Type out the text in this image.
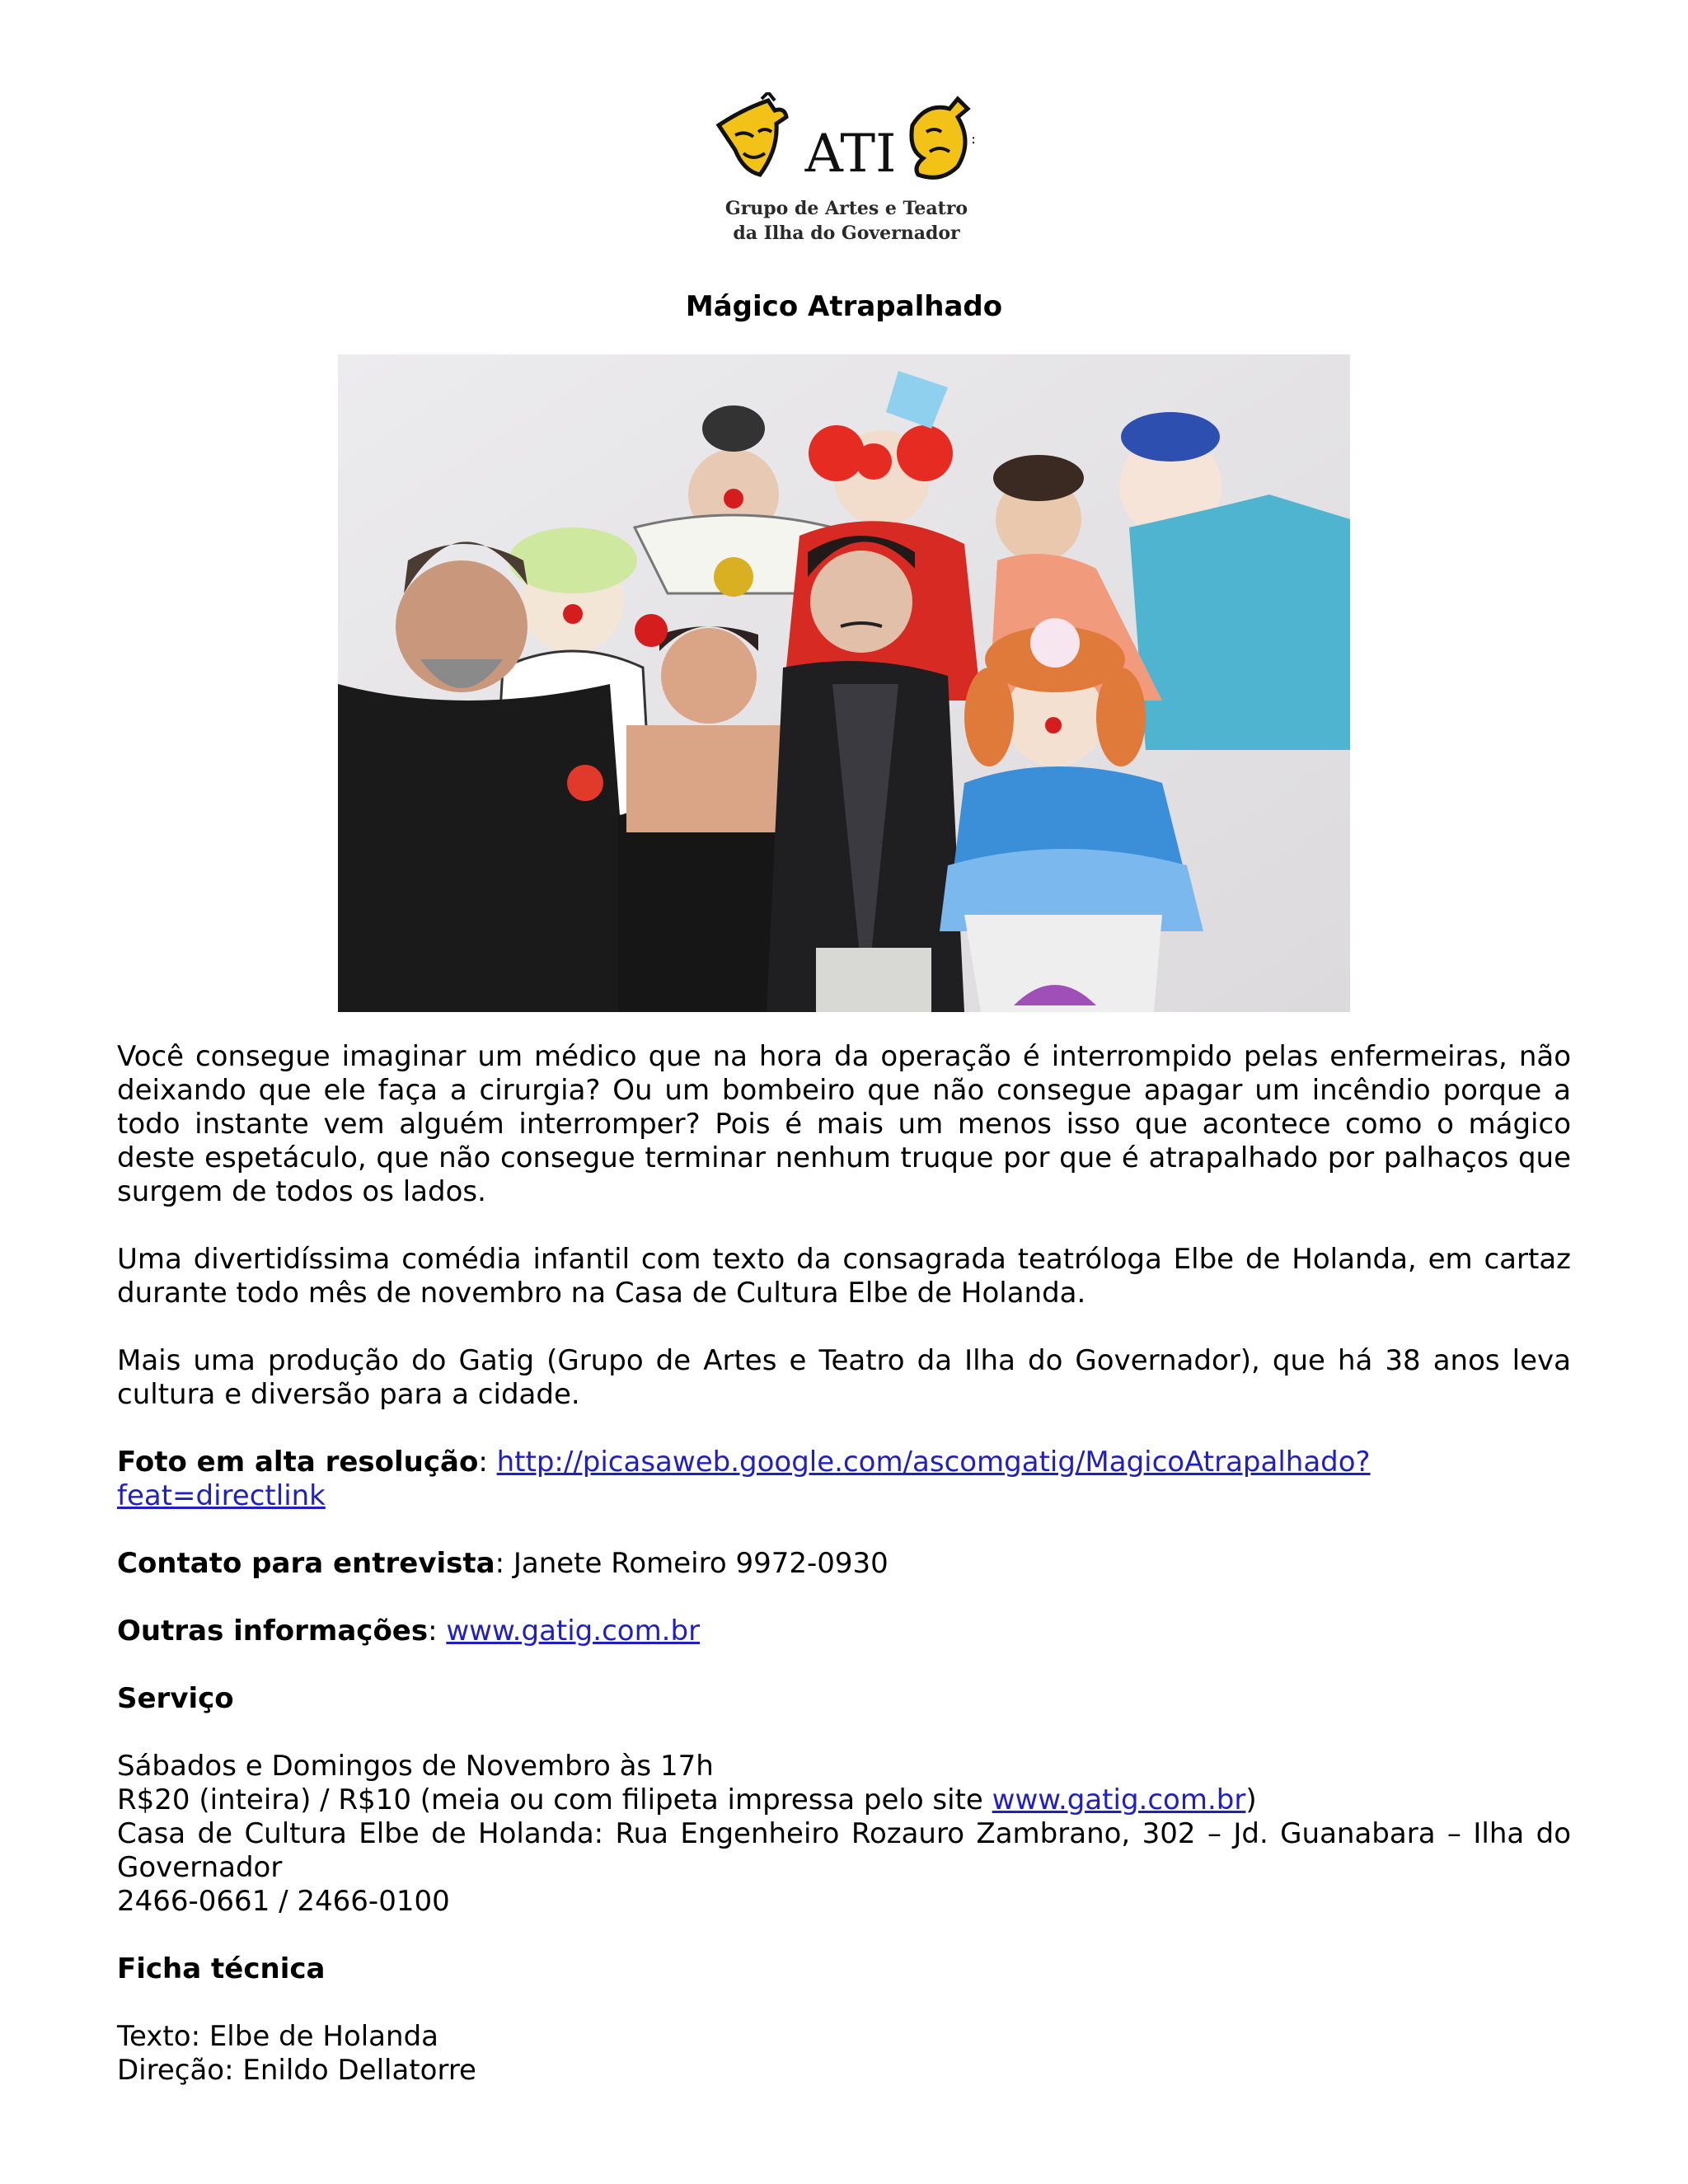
:
ATI
Grupo de Artes e Teatro
da Ilha do Governador
Mágico Atrapalhado

Você consegue imaginar um médico que na hora da operação é interrompido pelas enfermeiras, não deixando que ele faça a cirurgia? Ou um bombeiro que não consegue apagar um incêndio porque a todo instante vem alguém interromper? Pois é mais um menos isso que acontece como o mágico deste espetáculo, que não consegue terminar nenhum truque por que é atrapalhado por palhaços que surgem de todos os lados.

Uma divertidíssima comédia infantil com texto da consagrada teatróloga Elbe de Holanda, em cartaz durante todo mês de novembro na Casa de Cultura Elbe de Holanda.

Mais uma produção do Gatig (Grupo de Artes e Teatro da Ilha do Governador), que há 38 anos leva cultura e diversão para a cidade.

Foto em alta resolução: http://picasaweb.google.com/ascomgatig/MagicoAtrapalhado?feat=directlink

Contato para entrevista: Janete Romeiro 9972-0930

Outras informações: www.gatig.com.br

Serviço

Sábados e Domingos de Novembro às 17h
R$20 (inteira) / R$10 (meia ou com filipeta impressa pelo site www.gatig.com.br)
Casa de Cultura Elbe de Holanda: Rua Engenheiro Rozauro Zambrano, 302 – Jd. Guanabara – Ilha do Governador
2466-0661 / 2466-0100

Ficha técnica

Texto: Elbe de Holanda
Direção: Enildo Dellatorre
